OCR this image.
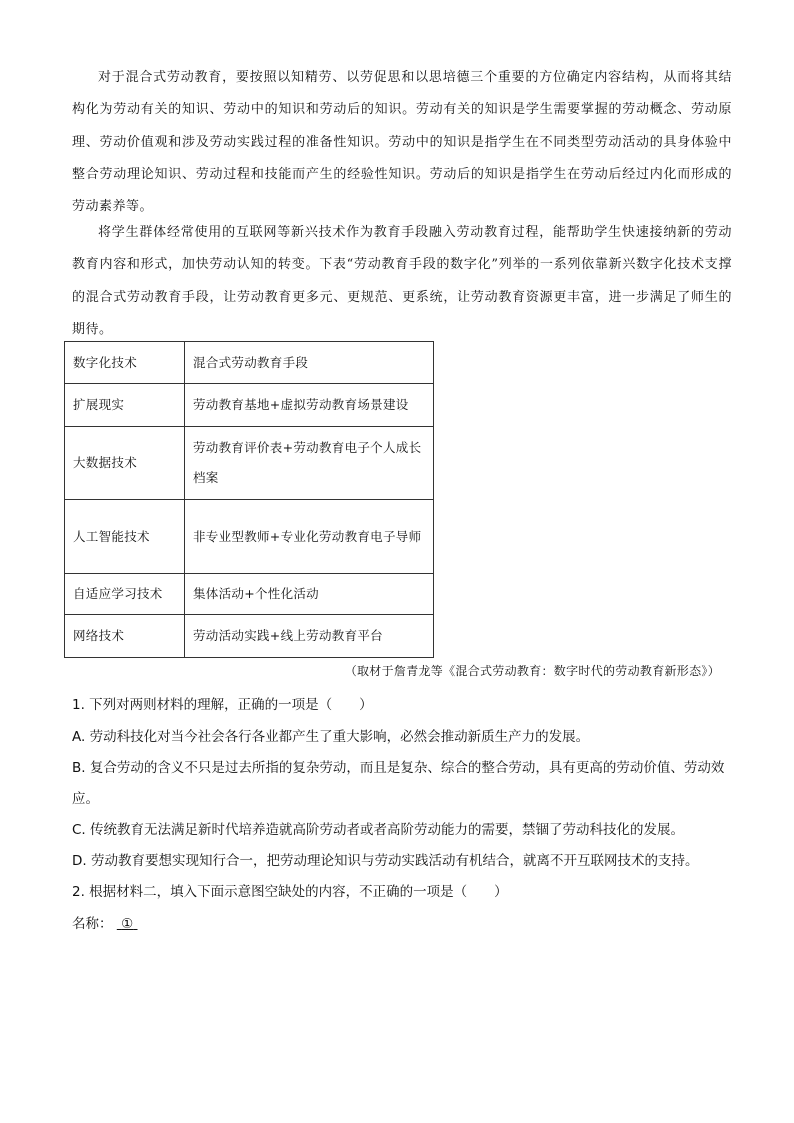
对于混合式劳动教育，要按照以知精劳、以劳促思和以思培德三个重要的方位确定内容结构，从而将其结构化为劳动有关的知识、劳动中的知识和劳动后的知识。劳动有关的知识是学生需要掌握的劳动概念、劳动原理、劳动价值观和涉及劳动实践过程的准备性知识。劳动中的知识是指学生在不同类型劳动活动的具身体验中整合劳动理论知识、劳动过程和技能而产生的经验性知识。劳动后的知识是指学生在劳动后经过内化而形成的劳动素养等。

将学生群体经常使用的互联网等新兴技术作为教育手段融入劳动教育过程，能帮助学生快速接纳新的劳动教育内容和形式，加快劳动认知的转变。下表“劳动教育手段的数字化”列举的一系列依靠新兴数字化技术支撑的混合式劳动教育手段，让劳动教育更多元、更规范、更系统，让劳动教育资源更丰富，进一步满足了师生的期待。

数字化技术	混合式劳动教育手段
扩展现实	劳动教育基地+虚拟劳动教育场景建设
大数据技术	劳动教育评价表+劳动教育电子个人成长档案
人工智能技术	非专业型教师+专业化劳动教育电子导师
自适应学习技术	集体活动+个性化活动
网络技术	劳动活动实践+线上劳动教育平台
（取材于詹青龙等《混合式劳动教育：数字时代的劳动教育新形态》）

1. 下列对两则材料的理解，正确的一项是（　　）

A. 劳动科技化对当今社会各行各业都产生了重大影响，必然会推动新质生产力的发展。

B. 复合劳动的含义不只是过去所指的复杂劳动，而且是复杂、综合的整合劳动，具有更高的劳动价值、劳动效应。

C. 传统教育无法满足新时代培养造就高阶劳动者或者高阶劳动能力的需要，禁锢了劳动科技化的发展。

D. 劳动教育要想实现知行合一，把劳动理论知识与劳动实践活动有机结合，就离不开互联网技术的支持。

2. 根据材料二，填入下面示意图空缺处的内容，不正确的一项是（　　）

名称： ①
